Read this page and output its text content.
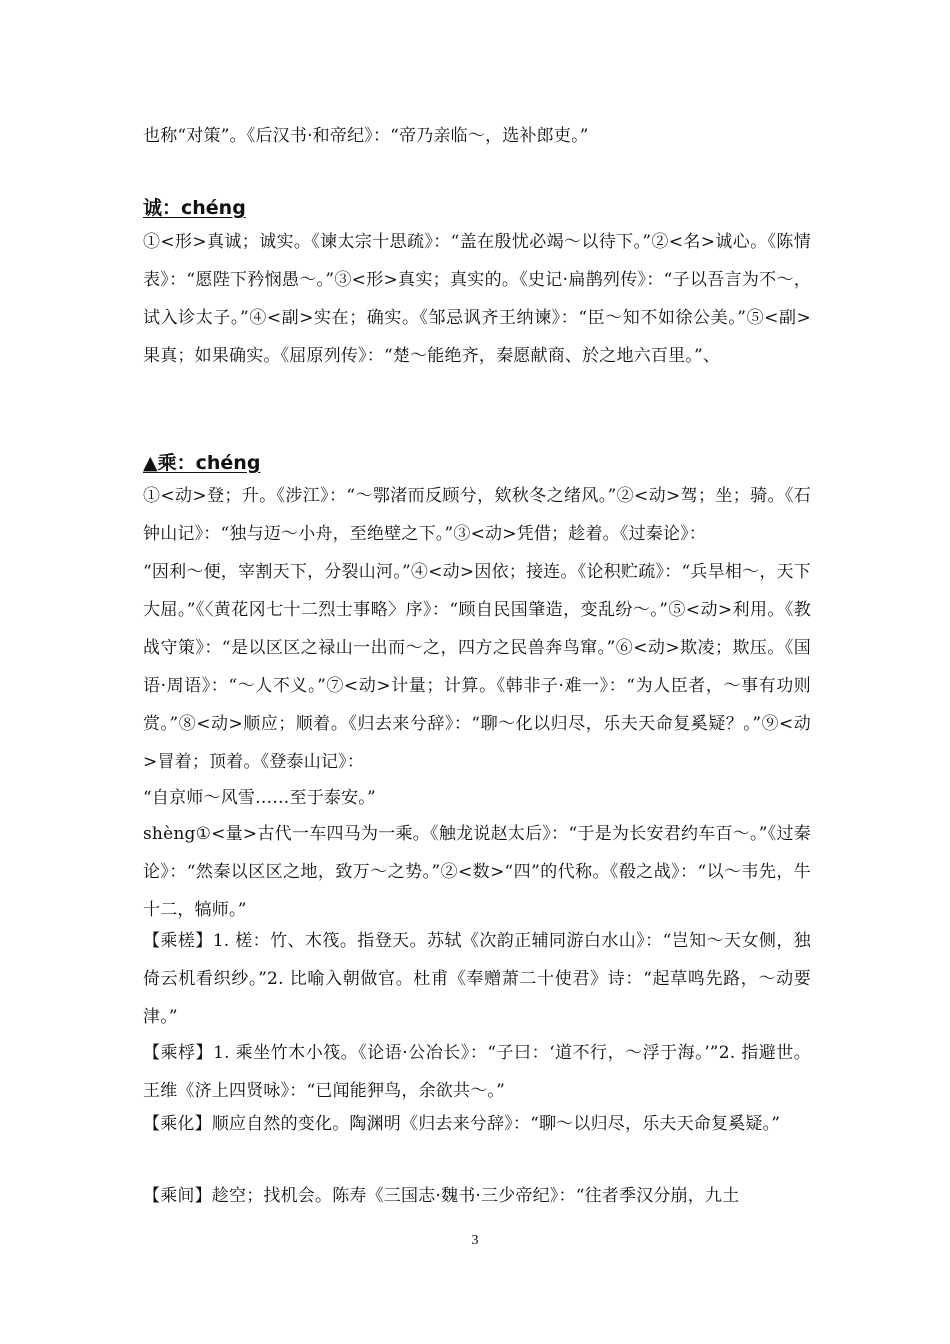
也称“对策”。《后汉书·和帝纪》：“帝乃亲临～，选补郎吏。”

诚：chéng

①<形>真诚；诚实。《谏太宗十思疏》：“盖在殷忧必竭～以待下。”②<名>诚心。《陈情表》：“愿陛下矜悯愚～。”③<形>真实；真实的。《史记·扁鹊列传》：“子以吾言为不～，试入诊太子。”④<副>实在；确实。《邹忌讽齐王纳谏》：“臣～知不如徐公美。”⑤<副>果真；如果确实。《屈原列传》：“楚～能绝齐，秦愿献商、於之地六百里。”、

▲乘：chéng

①<动>登；升。《涉江》：“～鄂渚而反顾兮，欸秋冬之绪风。”②<动>驾；坐；骑。《石钟山记》：“独与迈～小舟，至绝壁之下。”③<动>凭借；趁着。《过秦论》：

“因利～便，宰割天下，分裂山河。”④<动>因依；接连。《论积贮疏》：“兵旱相～，天下大屈。”《〈黄花冈七十二烈士事略〉序》：“顾自民国肇造，变乱纷～。”⑤<动>利用。《教战守策》：“是以区区之禄山一出而～之，四方之民兽奔鸟窜。”⑥<动>欺凌；欺压。《国语·周语》：“～人不义。”⑦<动>计量；计算。《韩非子·难一》：“为人臣者，～事有功则赏。”⑧<动>顺应；顺着。《归去来兮辞》：“聊～化以归尽，乐夫天命复奚疑？。”⑨<动>冒着；顶着。《登泰山记》：

“自京师～风雪……至于泰安。”

shèng①<量>古代一车四马为一乘。《触龙说赵太后》：“于是为长安君约车百～。”《过秦论》：“然秦以区区之地，致万～之势。”②<数>“四”的代称。《殽之战》：“以～韦先，牛十二，犒师。”

【乘槎】1. 槎：竹、木筏。指登天。苏轼《次韵正辅同游白水山》：“岂知～天女侧，独倚云机看织纱。”2. 比喻入朝做官。杜甫《奉赠萧二十使君》诗：“起草鸣先路，～动要津。”

【乘桴】1. 乘坐竹木小筏。《论语·公冶长》：“子曰：‘道不行，～浮于海。’”2. 指避世。王维《济上四贤咏》：“已闻能狎鸟，余欲共～。”

【乘化】顺应自然的变化。陶渊明《归去来兮辞》：“聊～以归尽，乐夫天命复奚疑。”

【乘间】趁空；找机会。陈寿《三国志·魏书·三少帝纪》：“往者季汉分崩，九土

3
